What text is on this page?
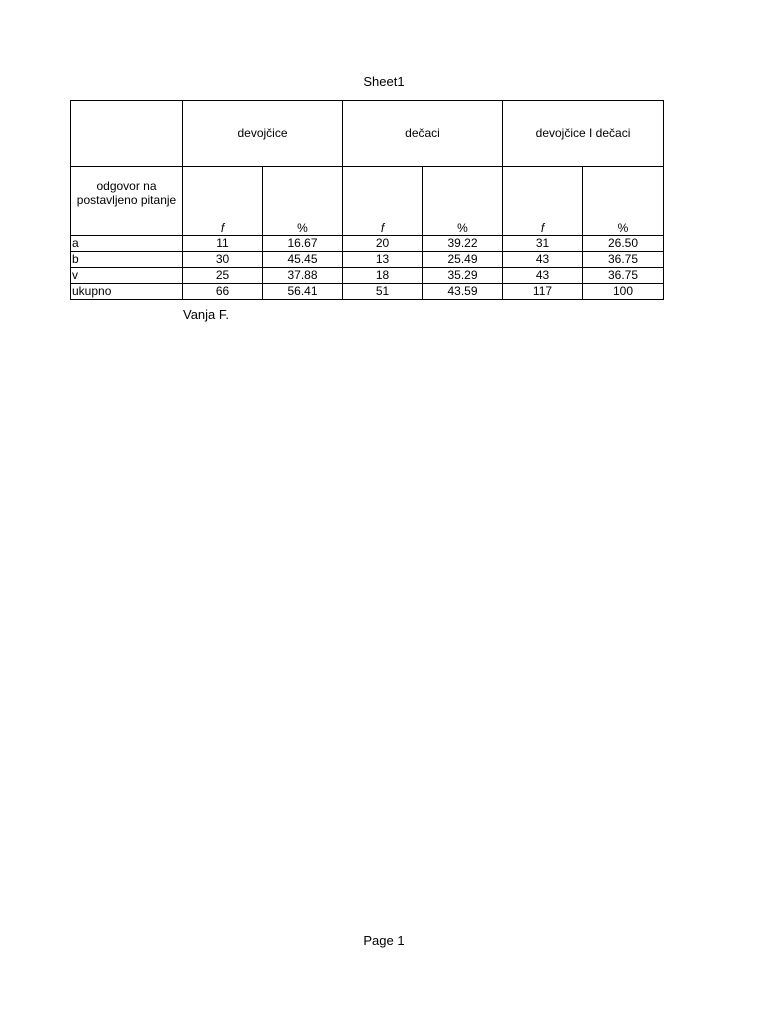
Sheet1
	devojčice		dečaci		devojčice I dečaci	
odgovor na postavljeno pitanje	f	%	f	%	f	%
a	11	16.67	20	39.22	31	26.50
b	30	45.45	13	25.49	43	36.75
v	25	37.88	18	35.29	43	36.75
ukupno	66	56.41	51	43.59	117	100
Vanja F.
Page 1
